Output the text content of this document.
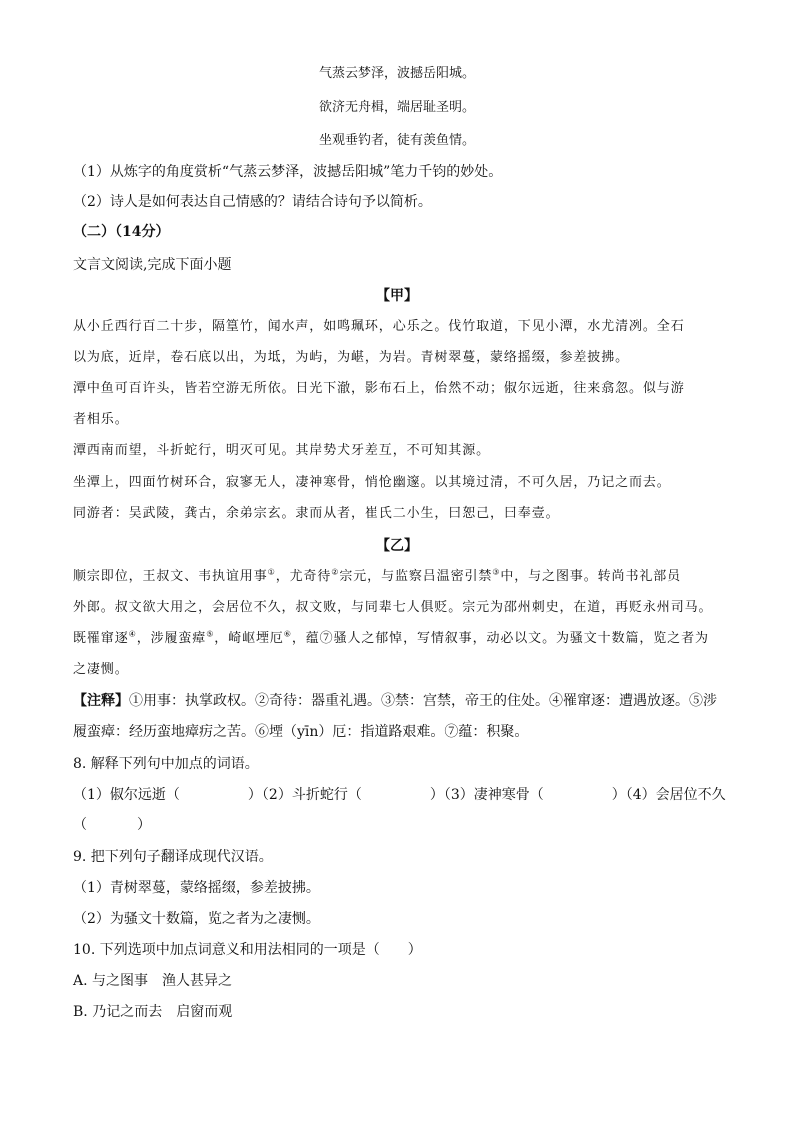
气蒸云梦泽，波撼岳阳城。
欲济无舟楫，端居耻圣明。
坐观垂钓者，徒有羡鱼情。
（1）从炼字的角度赏析“气蒸云梦泽，波撼岳阳城”笔力千钧的妙处。
（2）诗人是如何表达自己情感的？请结合诗句予以简析。
（二）（14分）
文言文阅读,完成下面小题
【甲】
从小丘西行百二十步，隔篁竹，闻水声，如鸣珮环，心乐之。伐竹取道，下见小潭，水尤清冽。全石
以为底，近岸，卷石底以出，为坻，为屿，为嵁，为岩。青树翠蔓，蒙络摇缀，参差披拂。
潭中鱼可百许头，皆若空游无所依。日光下澈，影布石上，佁然不动；俶尔远逝，往来翕忽。似与游
者相乐。
潭西南而望，斗折蛇行，明灭可见。其岸势犬牙差互，不可知其源。
坐潭上，四面竹树环合，寂寥无人，凄神寒骨，悄怆幽邃。以其境过清，不可久居，乃记之而去。
同游者：吴武陵，龚古，余弟宗玄。隶而从者，崔氏二小生，曰恕己，曰奉壹。
【乙】
顺宗即位，王叔文、韦执谊用事①，尤奇待②宗元，与监察吕温密引禁③中，与之图事。转尚书礼部员
外郎。叔文欲大用之，会居位不久，叔文败，与同辈七人俱贬。宗元为邵州刺史，在道，再贬永州司马。
既罹窜逐④，涉履蛮瘴⑤，崎岖堙厄⑥，蕴⑦骚人之郁悼，写情叙事，动必以文。为骚文十数篇，览之者为
之凄恻。
【注释】①用事：执掌政权。②奇待：器重礼遇。③禁：宫禁，帝王的住处。④罹窜逐：遭遇放逐。⑤涉
履蛮瘴：经历蛮地瘴疠之苦。⑥堙（yīn）厄：指道路艰难。⑦蕴：积聚。
8. 解释下列句中加点的词语。
（1）俶尔远逝（	）（2）斗折蛇行（	）（3）凄神寒骨（	）（4）会居位不久
（	）
9. 把下列句子翻译成现代汉语。
（1）青树翠蔓，蒙络摇缀，参差披拂。
（2）为骚文十数篇，览之者为之凄恻。
10. 下列选项中加点词意义和用法相同的一项是（　　）
A. 与之图事　渔人甚异之
B. 乃记之而去　启窗而观
